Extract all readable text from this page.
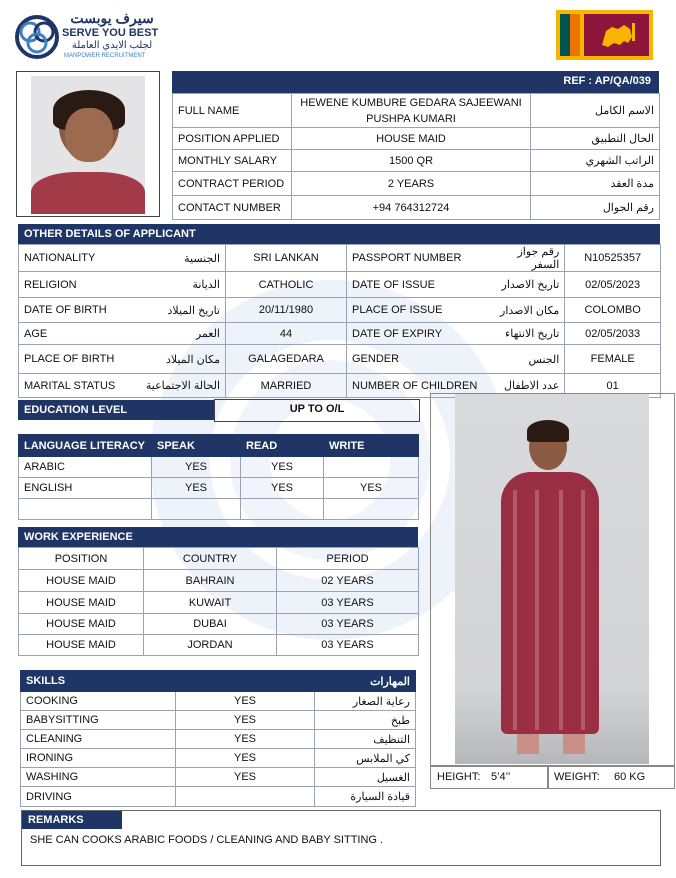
سيرف يوبست
SERVE YOU BEST
لجلب الايدي العاملة
MANPOWER RECRUITMENT
REF : AP/QA/039
FULL NAME	HEWENE KUMBURE GEDARA SAJEEWANI PUSHPA KUMARI	الاسم الكامل
POSITION APPLIED	HOUSE MAID	الحال التطبيق
MONTHLY SALARY	1500 QR	الراتب الشهري
CONTRACT PERIOD	2 YEARS	مدة العقد
CONTACT NUMBER	+94 764312724	رقم الجوال
OTHER DETAILS OF APPLICANT
NATIONALITY	الجنسية	SRI LANKAN	PASSPORT NUMBER	رقم جواز السفر	N10525357
RELIGION	الديانة	CATHOLIC	DATE OF ISSUE	تاريخ الاصدار	02/05/2023
DATE OF BIRTH	تاريخ الميلاد	20/11/1980	PLACE OF ISSUE	مكان الاصدار	COLOMBO
AGE	العمر	44	DATE OF EXPIRY	تاريخ الانتهاء	02/05/2033
PLACE OF BIRTH	مكان الميلاد	GALAGEDARA	GENDER	الجنس	FEMALE
MARITAL STATUS	الحالة الاجتماعية	MARRIED	NUMBER OF CHILDREN	عدد الاطفال	01
EDUCATION LEVEL	UP TO O/L
LANGUAGE LITERACY	SPEAK	READ	WRITE
ARABIC	YES	YES	
ENGLISH	YES	YES	YES

WORK EXPERIENCE
POSITION	COUNTRY	PERIOD
HOUSE MAID	BAHRAIN	02 YEARS
HOUSE MAID	KUWAIT	03 YEARS
HOUSE MAID	DUBAI	03 YEARS
HOUSE MAID	JORDAN	03 YEARS
SKILLS		المهارات
COOKING	YES	رعاية الصغار
BABYSITTING	YES	طبخ
CLEANING	YES	التنظيف
IRONING	YES	كي الملابس
WASHING	YES	الغسيل
DRIVING		قيادة السيارة
HEIGHT: 5’4’’	WEIGHT: 60 KG
REMARKS
SHE CAN COOKS ARABIC FOODS / CLEANING AND BABY SITTING .
